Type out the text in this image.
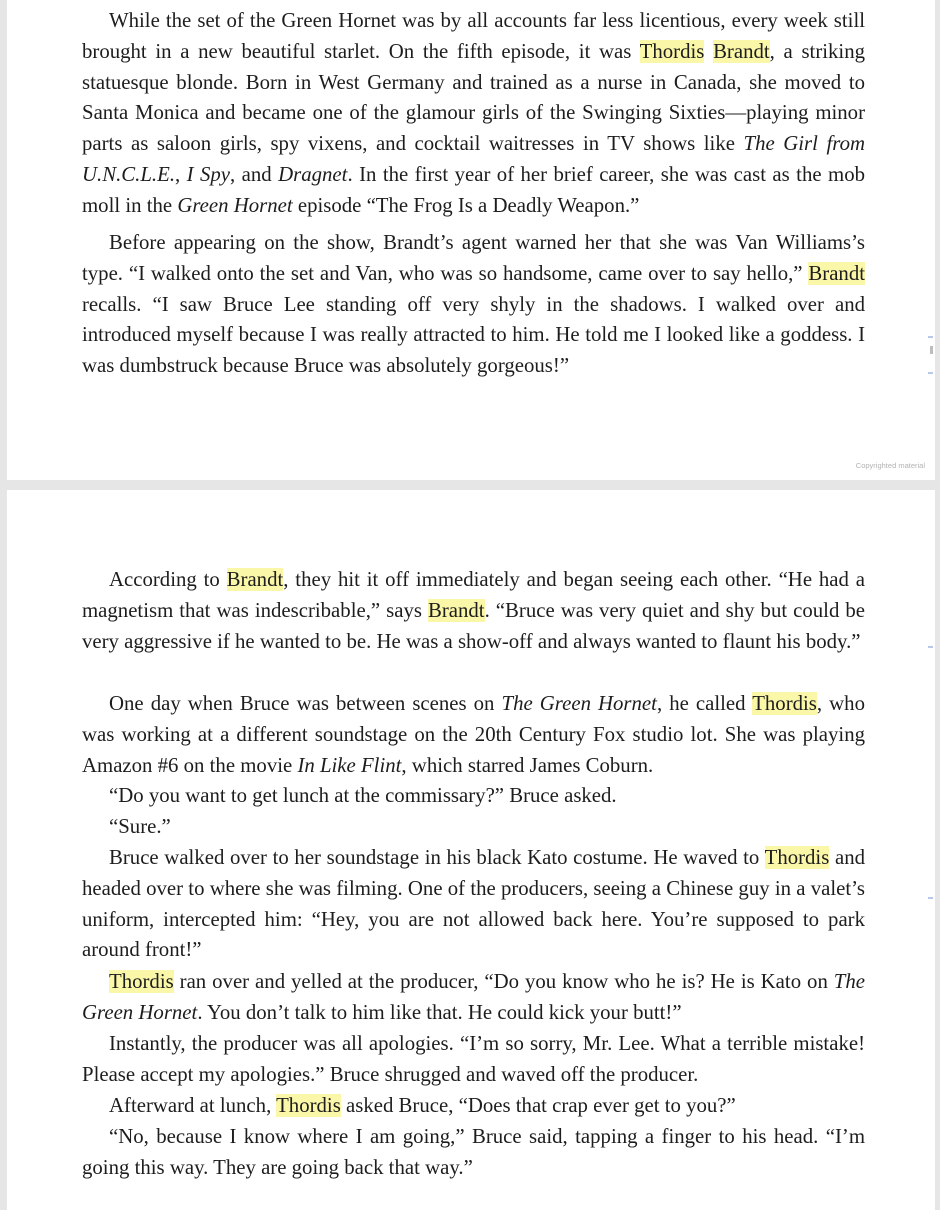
While the set of the Green Hornet was by all accounts far less licentious, every week still brought in a new beautiful starlet. On the fifth episode, it was Thordis Brandt, a striking statuesque blonde. Born in West Germany and trained as a nurse in Canada, she moved to Santa Monica and became one of the glamour girls of the Swinging Sixties—playing minor parts as saloon girls, spy vixens, and cocktail waitresses in TV shows like The Girl from U.N.C.L.E., I Spy, and Dragnet. In the first year of her brief career, she was cast as the mob moll in the Green Hornet episode “The Frog Is a Deadly Weapon.”

Before appearing on the show, Brandt’s agent warned her that she was Van Williams’s type. “I walked onto the set and Van, who was so handsome, came over to say hello,” Brandt recalls. “I saw Bruce Lee standing off very shyly in the shadows. I walked over and introduced myself because I was really attracted to him. He told me I looked like a goddess. I was dumbstruck because Bruce was absolutely gorgeous!”

Copyrighted material

According to Brandt, they hit it off immediately and began seeing each other. “He had a magnetism that was indescribable,” says Brandt. “Bruce was very quiet and shy but could be very aggressive if he wanted to be. He was a show-off and always wanted to flaunt his body.”

One day when Bruce was between scenes on The Green Hornet, he called Thordis, who was working at a different soundstage on the 20th Century Fox studio lot. She was playing Amazon #6 on the movie In Like Flint, which starred James Coburn.

“Do you want to get lunch at the commissary?” Bruce asked.

“Sure.”

Bruce walked over to her soundstage in his black Kato costume. He waved to Thordis and headed over to where she was filming. One of the producers, seeing a Chinese guy in a valet’s uniform, intercepted him: “Hey, you are not allowed back here. You’re supposed to park around front!”

Thordis ran over and yelled at the producer, “Do you know who he is? He is Kato on The Green Hornet. You don’t talk to him like that. He could kick your butt!”

Instantly, the producer was all apologies. “I’m so sorry, Mr. Lee. What a terrible mistake! Please accept my apologies.” Bruce shrugged and waved off the producer.

Afterward at lunch, Thordis asked Bruce, “Does that crap ever get to you?”

“No, because I know where I am going,” Bruce said, tapping a finger to his head. “I’m going this way. They are going back that way.”
